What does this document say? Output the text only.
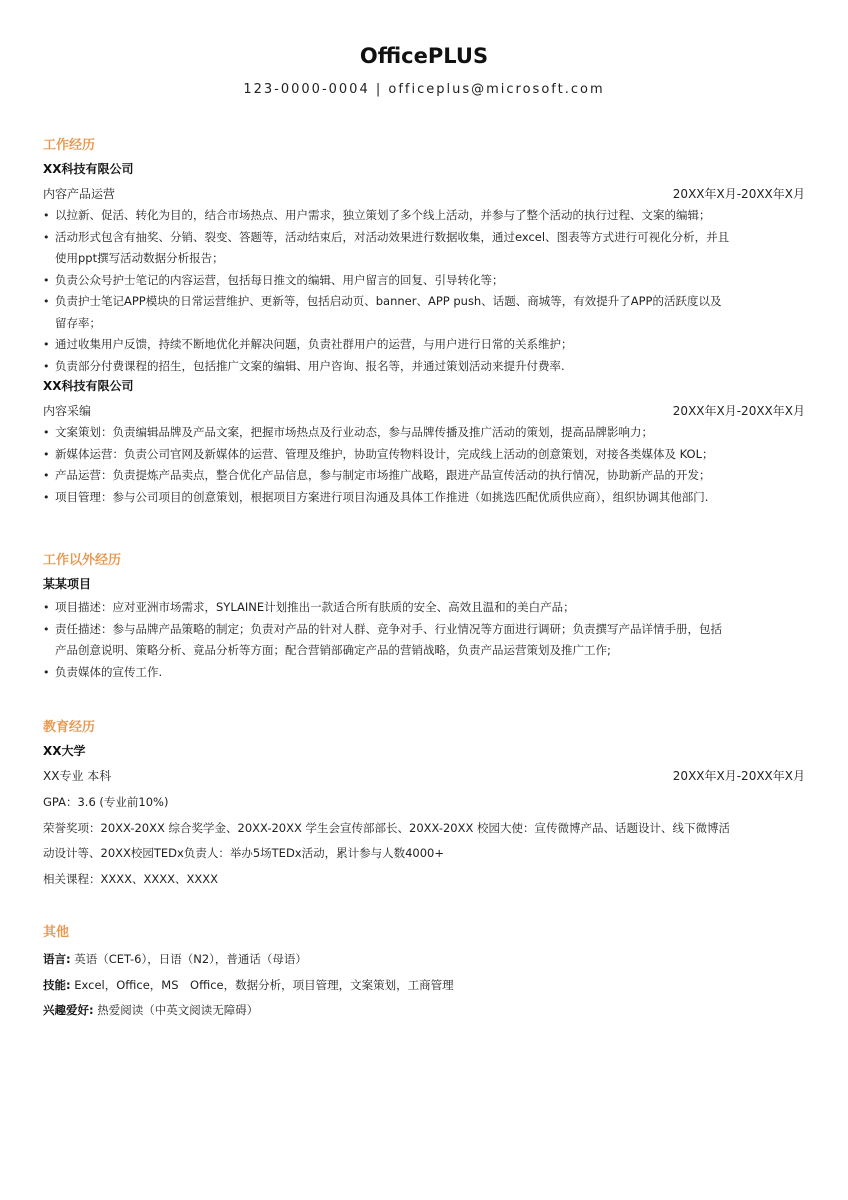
OfficePLUS
123-0000-0004 | officeplus@microsoft.com
工作经历
XX科技有限公司
内容产品运营	20XX年X月-20XX年X月
• 以拉新、促活、转化为目的，结合市场热点、用户需求，独立策划了多个线上活动，并参与了整个活动的执行过程、文案的编辑；
• 活动形式包含有抽奖、分销、裂变、答题等，活动结束后，对活动效果进行数据收集，通过excel、图表等方式进行可视化分析，并且
使用ppt撰写活动数据分析报告；
• 负责公众号护士笔记的内容运营，包括每日推文的编辑、用户留言的回复、引导转化等；
• 负责护士笔记APP模块的日常运营维护、更新等，包括启动页、banner、APP push、话题、商城等，有效提升了APP的活跃度以及
留存率；
• 通过收集用户反馈，持续不断地优化并解决问题，负责社群用户的运营，与用户进行日常的关系维护；
• 负责部分付费课程的招生，包括推广文案的编辑、用户咨询、报名等，并通过策划活动来提升付费率.
XX科技有限公司
内容采编	20XX年X月-20XX年X月
• 文案策划：负责编辑品牌及产品文案，把握市场热点及行业动态，参与品牌传播及推广活动的策划，提高品牌影响力；
• 新媒体运营：负责公司官网及新媒体的运营、管理及维护，协助宣传物料设计，完成线上活动的创意策划，对接各类媒体及 KOL；
• 产品运营：负责提炼产品卖点，整合优化产品信息，参与制定市场推广战略，跟进产品宣传活动的执行情况，协助新产品的开发；
• 项目管理：参与公司项目的创意策划，根据项目方案进行项目沟通及具体工作推进（如挑选匹配优质供应商），组织协调其他部门.
工作以外经历
某某项目
• 项目描述：应对亚洲市场需求，SYLAINE计划推出一款适合所有肤质的安全、高效且温和的美白产品；
• 责任描述：参与品牌产品策略的制定；负责对产品的针对人群、竞争对手、行业情况等方面进行调研；负责撰写产品详情手册，包括
产品创意说明、策略分析、竟品分析等方面；配合营销部确定产品的营销战略，负责产品运营策划及推广工作;
• 负责媒体的宣传工作.
教育经历
XX大学
XX专业 本科	20XX年X月-20XX年X月
GPA：3.6 (专业前10%)
荣誉奖项：20XX-20XX 综合奖学金、20XX-20XX 学生会宣传部部长、20XX-20XX 校园大使：宣传微博产品、话题设计、线下微博活
动设计等、20XX校园TEDx负责人：举办5场TEDx活动，累计参与人数4000+
相关课程：XXXX、XXXX、XXXX
其他
语言: 英语（CET-6），日语（N2），普通话（母语）
技能: Excel，Office，MS　Office，数据分析，项目管理，文案策划，工商管理
兴趣爱好: 热爱阅读（中英文阅读无障碍）
